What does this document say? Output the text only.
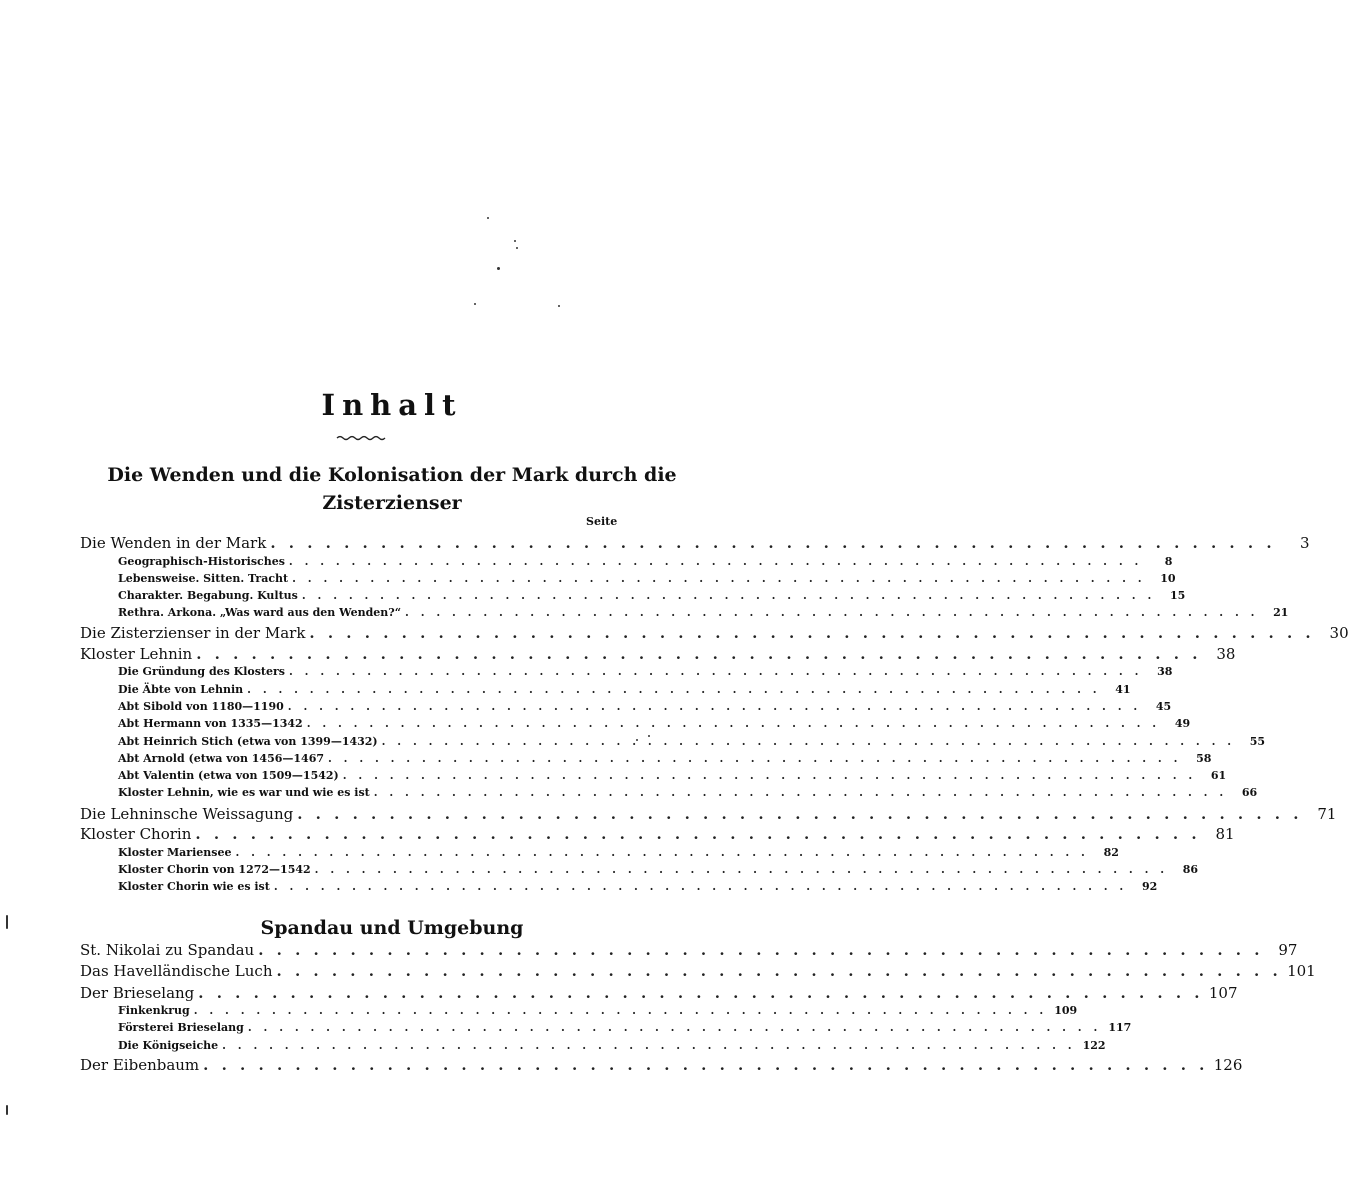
Inhalt
Die Wenden und die Kolonisation der Mark durch die
Zisterzienser
Seite
Spandau und Umgebung
Die Wenden in der Mark . . . . . . . . . . . . . . . . . . . . . . . . . . . . . . . . . . . . . . . . . . . . . . . . . . . . . . .	3
Geographisch-Historisches . . . . . . . . . . . . . . . . . . . . . . . . . . . . . . . . . . . . . . . . . . . . . . . . . . . . . . .	8
Lebensweise. Sitten. Tracht . . . . . . . . . . . . . . . . . . . . . . . . . . . . . . . . . . . . . . . . . . . . . . . . . . . . . . .	10
Charakter. Begabung. Kultus . . . . . . . . . . . . . . . . . . . . . . . . . . . . . . . . . . . . . . . . . . . . . . . . . . . . . . .	15
Rethra. Arkona. „Was ward aus den Wenden?“ . . . . . . . . . . . . . . . . . . . . . . . . . . . . . . . . . . . . . . . . . . . . . . . . . . . . . . .	21
Die Zisterzienser in der Mark . . . . . . . . . . . . . . . . . . . . . . . . . . . . . . . . . . . . . . . . . . . . . . . . . . . . . . . 30
Kloster Lehnin . . . . . . . . . . . . . . . . . . . . . . . . . . . . . . . . . . . . . . . . . . . . . . . . . . . . . . . 38
Die Gründung des Klosters . . . . . . . . . . . . . . . . . . . . . . . . . . . . . . . . . . . . . . . . . . . . . . . . . . . . . . .	38
Die Äbte von Lehnin . . . . . . . . . . . . . . . . . . . . . . . . . . . . . . . . . . . . . . . . . . . . . . . . . . . . . . .	41
Abt Sibold von 1180—1190 . . . . . . . . . . . . . . . . . . . . . . . . . . . . . . . . . . . . . . . . . . . . . . . . . . . . . . .	45
Abt Hermann von 1335—1342 . . . . . . . . . . . . . . . . . . . . . . . . . . . . . . . . . . . . . . . . . . . . . . . . . . . . . . .	49
Abt Heinrich Stich (etwa von 1399—1432) . . . . . . . . . . . . . . . . . . . . . . . . . . . . . . . . . . . . . . . . . . . . . . . . . . . . . . .	55
Abt Arnold (etwa von 1456—1467 . . . . . . . . . . . . . . . . . . . . . . . . . . . . . . . . . . . . . . . . . . . . . . . . . . . . . . .	58
Abt Valentin (etwa von 1509—1542) . . . . . . . . . . . . . . . . . . . . . . . . . . . . . . . . . . . . . . . . . . . . . . . . . . . . . . .	61
Kloster Lehnin, wie es war und wie es ist . . . . . . . . . . . . . . . . . . . . . . . . . . . . . . . . . . . . . . . . . . . . . . . . . . . . . . .	66
Die Lehninsche Weissagung . . . . . . . . . . . . . . . . . . . . . . . . . . . . . . . . . . . . . . . . . . . . . . . . . . . . . . . 71
Kloster Chorin . . . . . . . . . . . . . . . . . . . . . . . . . . . . . . . . . . . . . . . . . . . . . . . . . . . . . . . 81
Kloster Mariensee . . . . . . . . . . . . . . . . . . . . . . . . . . . . . . . . . . . . . . . . . . . . . . . . . . . . . . .	82
Kloster Chorin von 1272—1542 . . . . . . . . . . . . . . . . . . . . . . . . . . . . . . . . . . . . . . . . . . . . . . . . . . . . . . .	86
Kloster Chorin wie es ist . . . . . . . . . . . . . . . . . . . . . . . . . . . . . . . . . . . . . . . . . . . . . . . . . . . . . . .	92
St. Nikolai zu Spandau . . . . . . . . . . . . . . . . . . . . . . . . . . . . . . . . . . . . . . . . . . . . . . . . . . . . . . . 97
Das Havelländische Luch . . . . . . . . . . . . . . . . . . . . . . . . . . . . . . . . . . . . . . . . . . . . . . . . . . . . . . . 101
Der Brieselang . . . . . . . . . . . . . . . . . . . . . . . . . . . . . . . . . . . . . . . . . . . . . . . . . . . . . . . 107
Finkenkrug . . . . . . . . . . . . . . . . . . . . . . . . . . . . . . . . . . . . . . . . . . . . . . . . . . . . . . . 109
Försterei Brieselang . . . . . . . . . . . . . . . . . . . . . . . . . . . . . . . . . . . . . . . . . . . . . . . . . . . . . . . 117
Die Königseiche . . . . . . . . . . . . . . . . . . . . . . . . . . . . . . . . . . . . . . . . . . . . . . . . . . . . . . . 122
Der Eibenbaum . . . . . . . . . . . . . . . . . . . . . . . . . . . . . . . . . . . . . . . . . . . . . . . . . . . . . . . 126
